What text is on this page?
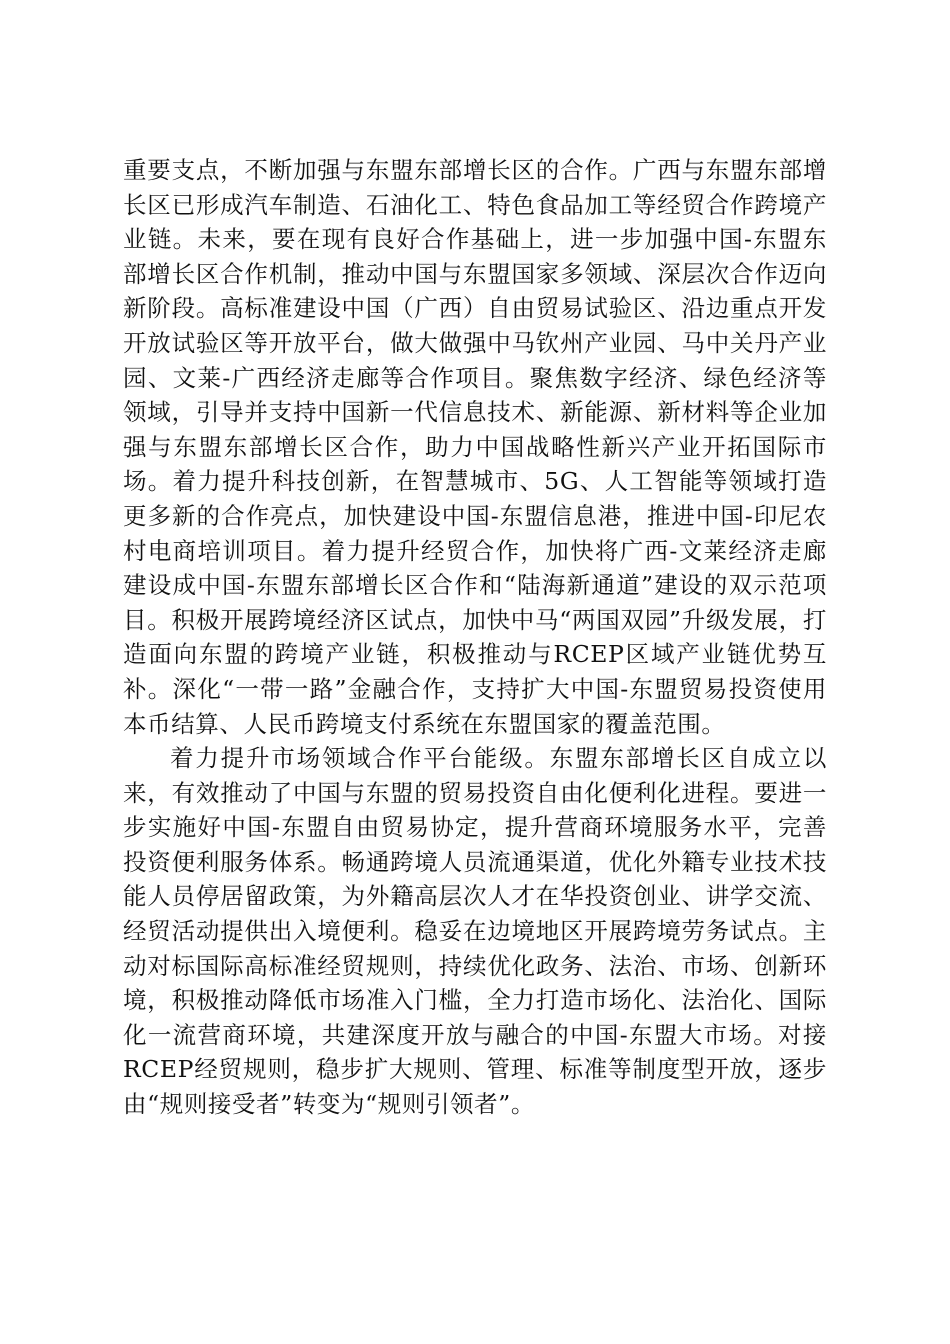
重要支点，不断加强与东盟东部增长区的合作。广西与东盟东部增长区已形成汽车制造、石油化工、特色食品加工等经贸合作跨境产业链。未来，要在现有良好合作基础上，进一步加强中国-东盟东部增长区合作机制，推动中国与东盟国家多领域、深层次合作迈向新阶段。高标准建设中国（广西）自由贸易试验区、沿边重点开发开放试验区等开放平台，做大做强中马钦州产业园、马中关丹产业园、文莱-广西经济走廊等合作项目。聚焦数字经济、绿色经济等领域，引导并支持中国新一代信息技术、新能源、新材料等企业加强与东盟东部增长区合作，助力中国战略性新兴产业开拓国际市场。着力提升科技创新，在智慧城市、5G、人工智能等领域打造更多新的合作亮点，加快建设中国-东盟信息港，推进中国-印尼农村电商培训项目。着力提升经贸合作，加快将广西-文莱经济走廊建设成中国-东盟东部增长区合作和“陆海新通道”建设的双示范项目。积极开展跨境经济区试点，加快中马“两国双园”升级发展，打造面向东盟的跨境产业链，积极推动与RCEP区域产业链优势互补。深化“一带一路”金融合作，支持扩大中国-东盟贸易投资使用本币结算、人民币跨境支付系统在东盟国家的覆盖范围。

着力提升市场领域合作平台能级。东盟东部增长区自成立以来，有效推动了中国与东盟的贸易投资自由化便利化进程。要进一步实施好中国-东盟自由贸易协定，提升营商环境服务水平，完善投资便利服务体系。畅通跨境人员流通渠道，优化外籍专业技术技能人员停居留政策，为外籍高层次人才在华投资创业、讲学交流、经贸活动提供出入境便利。稳妥在边境地区开展跨境劳务试点。主动对标国际高标准经贸规则，持续优化政务、法治、市场、创新环境，积极推动降低市场准入门槛，全力打造市场化、法治化、国际化一流营商环境，共建深度开放与融合的中国-东盟大市场。对接RCEP经贸规则，稳步扩大规则、管理、标准等制度型开放，逐步由“规则接受者”转变为“规则引领者”。
